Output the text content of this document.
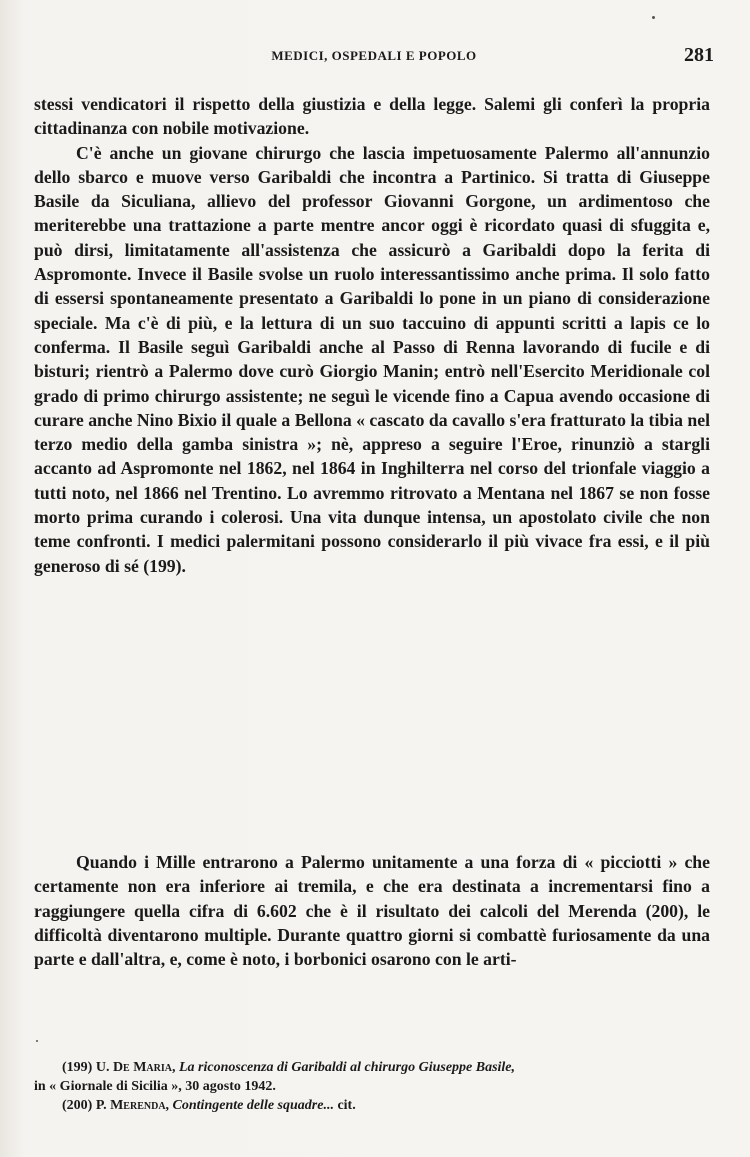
MEDICI, OSPEDALI E POPOLO	281

stessi vendicatori il rispetto della giustizia e della legge. Salemi gli conferì la propria cittadinanza con nobile motivazione.

C'è anche un giovane chirurgo che lascia impetuosamente Palermo all'annunzio dello sbarco e muove verso Garibaldi che incontra a Partinico. Si tratta di Giuseppe Basile da Siculiana, allievo del professor Giovanni Gorgone, un ardimentoso che meriterebbe una trattazione a parte mentre ancor oggi è ricordato quasi di sfuggita e, può dirsi, limitatamente all'assistenza che assicurò a Garibaldi dopo la ferita di Aspromonte. Invece il Basile svolse un ruolo interessantissimo anche prima. Il solo fatto di essersi spontaneamente presentato a Garibaldi lo pone in un piano di considerazione speciale. Ma c'è di più, e la lettura di un suo taccuino di appunti scritti a lapis ce lo conferma. Il Basile seguì Garibaldi anche al Passo di Renna lavorando di fucile e di bisturi; rientrò a Palermo dove curò Giorgio Manin; entrò nell'Esercito Meridionale col grado di primo chirurgo assistente; ne seguì le vicende fino a Capua avendo occasione di curare anche Nino Bixio il quale a Bellona « cascato da cavallo s'era fratturato la tibia nel terzo medio della gamba sinistra »; nè, appreso a seguire l'Eroe, rinunziò a stargli accanto ad Aspromonte nel 1862, nel 1864 in Inghilterra nel corso del trionfale viaggio a tutti noto, nel 1866 nel Trentino. Lo avremmo ritrovato a Mentana nel 1867 se non fosse morto prima curando i colerosi. Una vita dunque intensa, un apostolato civile che non teme confronti. I medici palermitani possono considerarlo il più vivace fra essi, e il più generoso di sé (199).

Quando i Mille entrarono a Palermo unitamente a una forza di « picciotti » che certamente non era inferiore ai tremila, e che era destinata a incrementarsi fino a raggiungere quella cifra di 6.602 che è il risultato dei calcoli del Merenda (200), le difficoltà diventarono multiple. Durante quattro giorni si combattè furiosamente da una parte e dall'altra, e, come è noto, i borbonici osarono con le arti-

(199) U. De Maria, La riconoscenza di Garibaldi al chirurgo Giuseppe Basile,

in « Giornale di Sicilia », 30 agosto 1942.

(200) P. Merenda, Contingente delle squadre... cit.
